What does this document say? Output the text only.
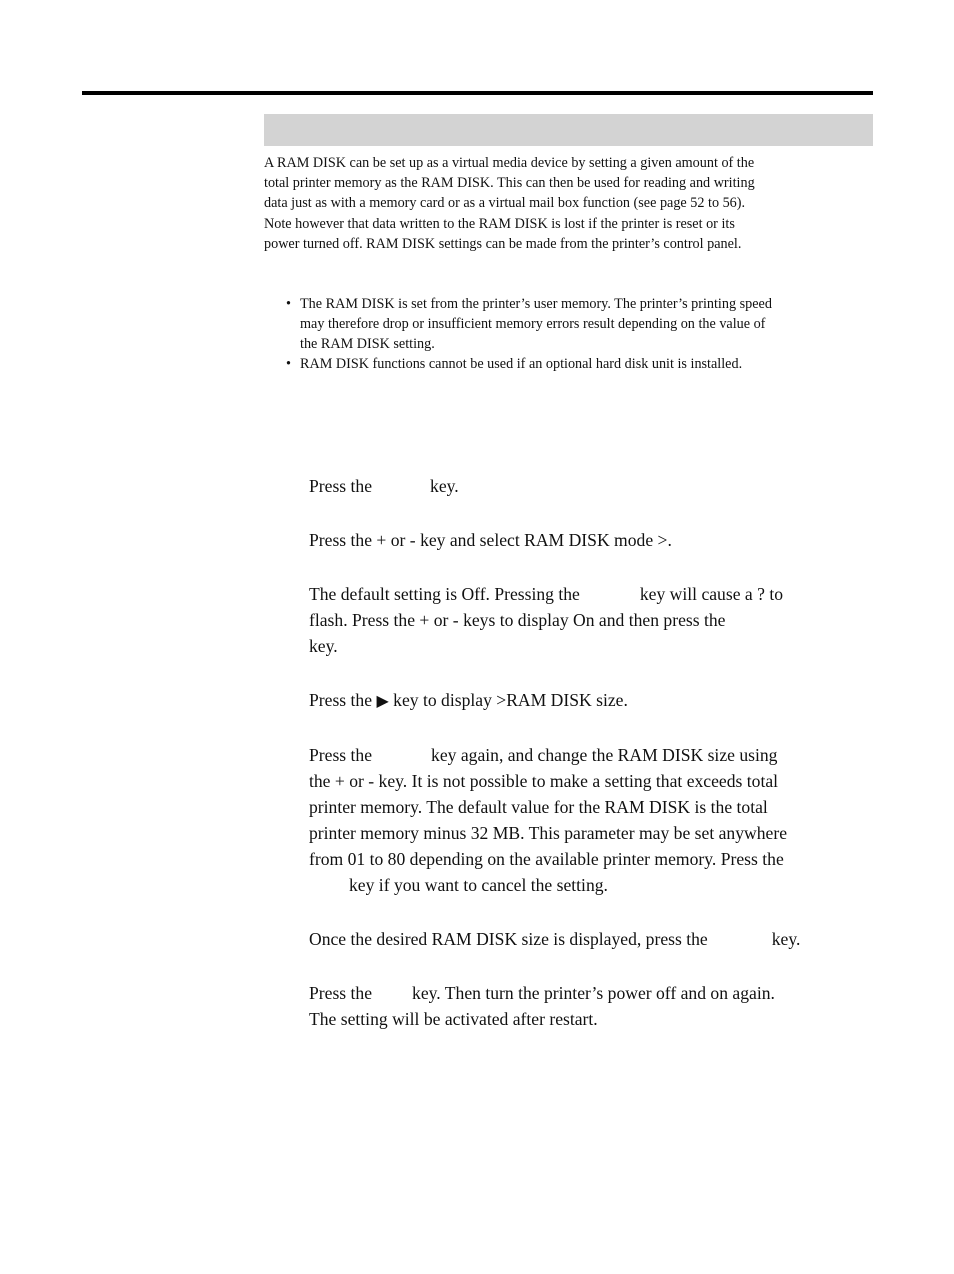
A RAM DISK can be set up as a virtual media device by setting a given amount of the
total printer memory as the RAM DISK. This can then be used for reading and writing
data just as with a memory card or as a virtual mail box function (see page 52 to 56).
Note however that data written to the RAM DISK is lost if the printer is reset or its
power turned off. RAM DISK settings can be made from the printer’s control panel.
• The RAM DISK is set from the printer’s user memory. The printer’s printing speed
may therefore drop or insufficient memory errors result depending on the value of
the RAM DISK setting.
• RAM DISK functions cannot be used if an optional hard disk unit is installed.
Press the	key.
Press the + or - key and select RAM DISK mode >.
The default setting is Off. Pressing the	key will cause a ? to
flash. Press the + or - keys to display On and then press the
key.
Press the ▶ key to display >RAM DISK size.
Press the	key again, and change the RAM DISK size using
the + or - key. It is not possible to make a setting that exceeds total
printer memory. The default value for the RAM DISK is the total
printer memory minus 32 MB. This parameter may be set anywhere
from 01 to 80 depending on the available printer memory. Press the
key if you want to cancel the setting.
Once the desired RAM DISK size is displayed, press the	key.
Press the key. Then turn the printer’s power off and on again.
The setting will be activated after restart.
